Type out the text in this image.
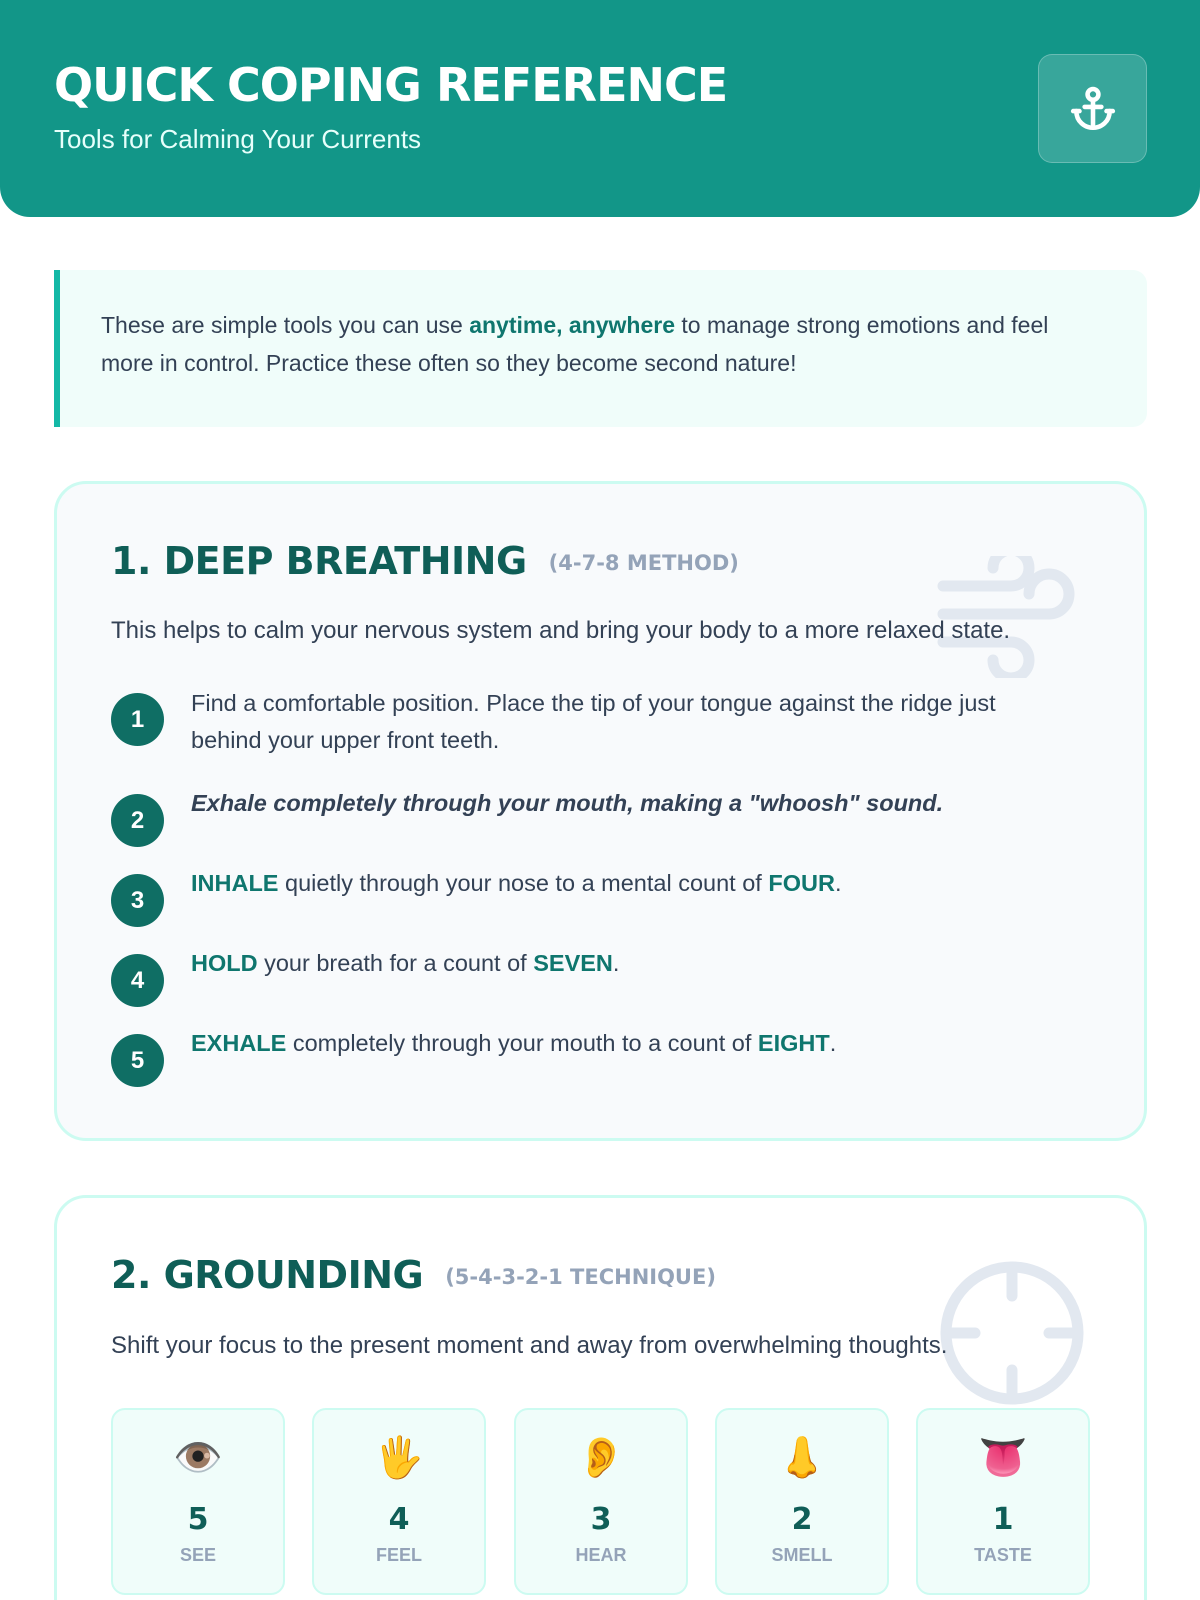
QUICK COPING REFERENCE
Tools for Calming Your Currents
These are simple tools you can use anytime, anywhere to manage strong emotions and feel more in control. Practice these often so they become second nature!
1. DEEP BREATHING (4-7-8 METHOD)
This helps to calm your nervous system and bring your body to a more relaxed state.
1
Find a comfortable position. Place the tip of your tongue against the ridge just behind your upper front teeth.
2
Exhale completely through your mouth, making a "whoosh" sound.
3
INHALE quietly through your nose to a mental count of FOUR.
4
HOLD your breath for a count of SEVEN.
5
EXHALE completely through your mouth to a count of EIGHT.
2. GROUNDING (5-4-3-2-1 TECHNIQUE)
Shift your focus to the present moment and away from overwhelming thoughts.
👁️
5
SEE
🖐️
4
FEEL
👂
3
HEAR
👃
2
SMELL
👅
1
TASTE
